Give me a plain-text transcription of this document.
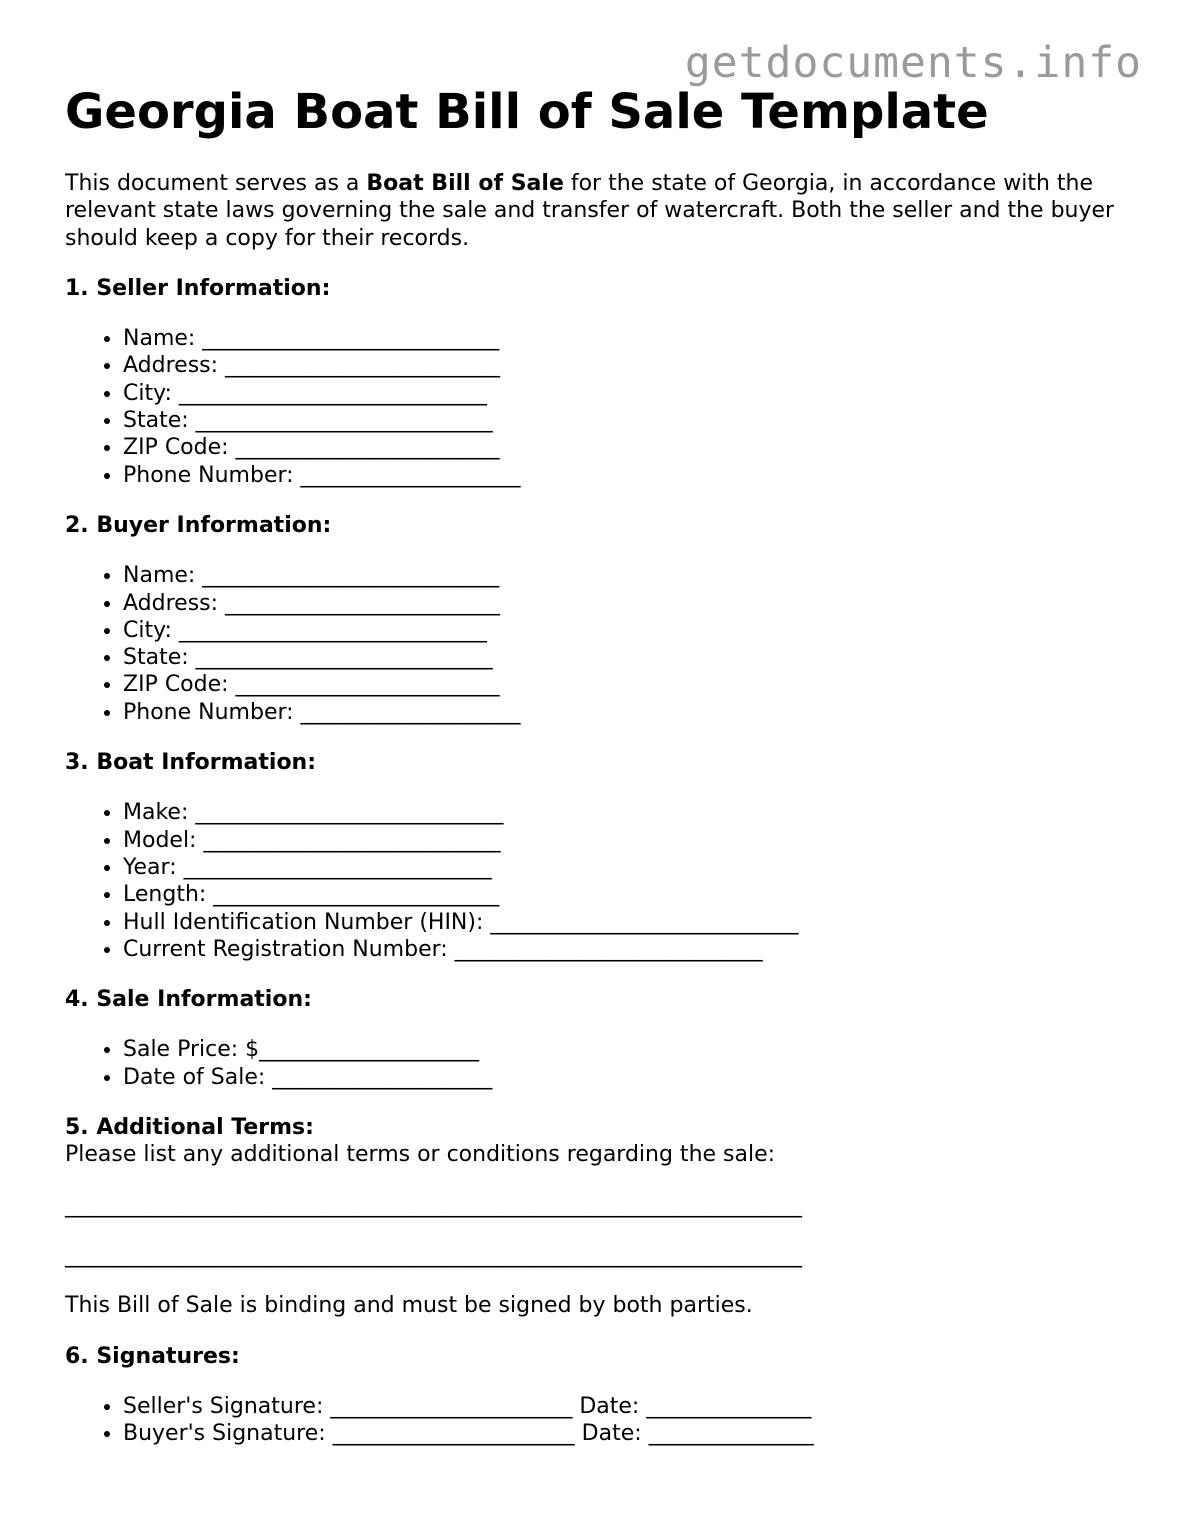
getdocuments.info
Georgia Boat Bill of Sale Template

This document serves as a Boat Bill of Sale for the state of Georgia, in accordance with the relevant state laws governing the sale and transfer of watercraft. Both the seller and the buyer should keep a copy for their records.

1. Seller Information:
• Name: ___________________________
• Address: _________________________
• City: ____________________________
• State: ___________________________
• ZIP Code: ________________________
• Phone Number: ____________________
2. Buyer Information:
• Name: ___________________________
• Address: _________________________
• City: ____________________________
• State: ___________________________
• ZIP Code: ________________________
• Phone Number: ____________________
3. Boat Information:
• Make: ____________________________
• Model: ___________________________
• Year: ____________________________
• Length: __________________________
• Hull Identification Number (HIN): ____________________________
• Current Registration Number: ____________________________
4. Sale Information:
• Sale Price: $____________________
• Date of Sale: ____________________
5. Additional Terms:

Please list any additional terms or conditions regarding the sale:

___________________________________________________________________
___________________________________________________________________

This Bill of Sale is binding and must be signed by both parties.

6. Signatures:
• Seller's Signature: ______________________ Date: _______________
• Buyer's Signature: ______________________ Date: _______________
